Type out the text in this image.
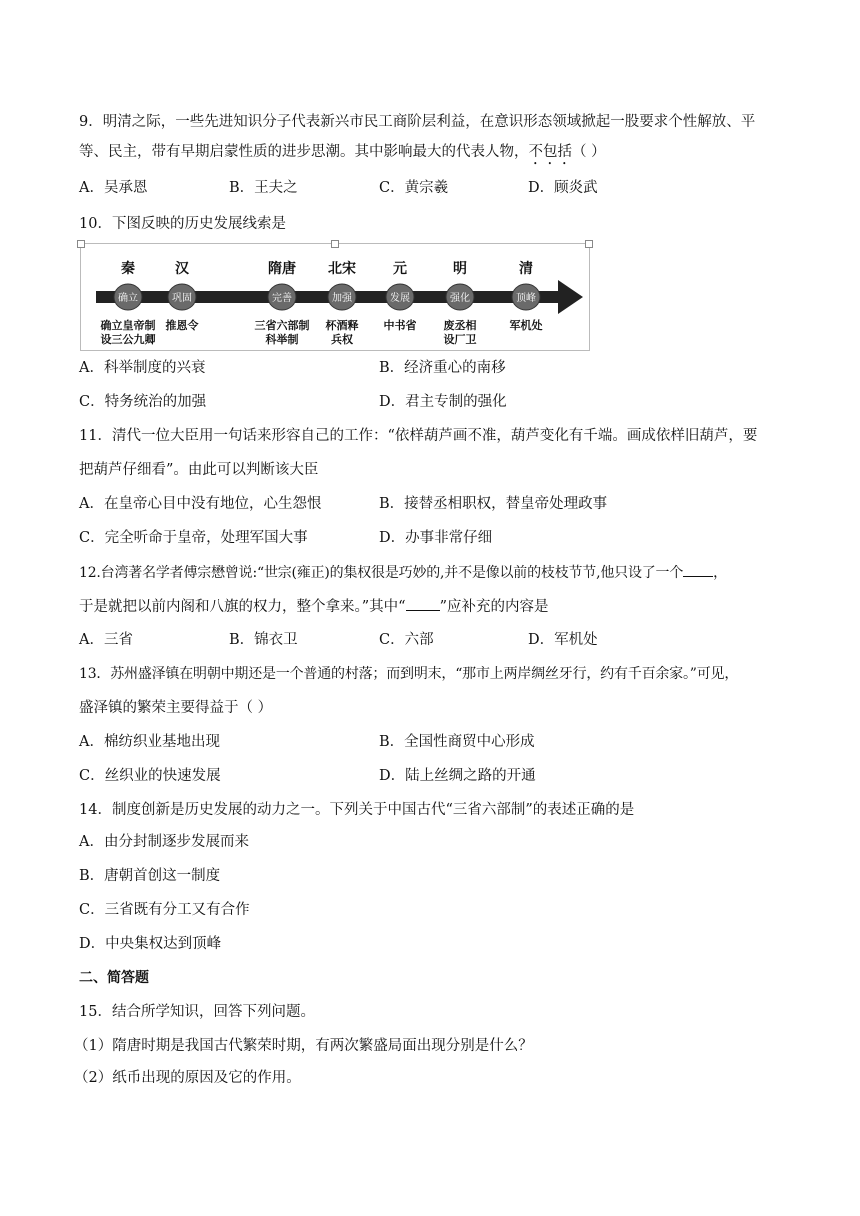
9．明清之际，一些先进知识分子代表新兴市民工商阶层利益，在意识形态领域掀起一股要求个性解放、平
等、民主，带有早期启蒙性质的进步思潮。其中影响最大的代表人物，不包括（ ）
A．吴承恩	B．王夫之	C．黄宗羲	D．顾炎武
10．下图反映的历史发展线索是
秦
确立
确立皇帝制
设三公九卿
汉
巩固
推恩令
隋唐
完善
三省六部制
科举制
北宋
加强
杯酒释
兵权
元
发展
中书省
明
强化
废丞相
设厂卫
清
顶峰
军机处
A．科举制度的兴衰	B．经济重心的南移
C．特务统治的加强	D．君主专制的强化
11．清代一位大臣用一句话来形容自己的工作：“依样葫芦画不准，葫芦变化有千端。画成依样旧葫芦，要
把葫芦仔细看”。由此可以判断该大臣
A．在皇帝心目中没有地位，心生怨恨	B．接替丞相职权，替皇帝处理政事
C．完全听命于皇帝，处理军国大事	D．办事非常仔细
12.台湾著名学者傅宗懋曾说:“世宗(雍正)的集权很是巧妙的,并不是像以前的枝枝节节,他只设了一个 ，
于是就把以前内阁和八旗的权力，整个拿来。”其中“ ”应补充的内容是
A．三省	B．锦衣卫	C．六部	D．军机处
13．苏州盛泽镇在明朝中期还是一个普通的村落；而到明末，“那市上两岸绸丝牙行，约有千百余家。”可见，
盛泽镇的繁荣主要得益于（ ）
A．棉纺织业基地出现	B．全国性商贸中心形成
C．丝织业的快速发展	D．陆上丝绸之路的开通
14．制度创新是历史发展的动力之一。下列关于中国古代“三省六部制”的表述正确的是
A．由分封制逐步发展而来
B．唐朝首创这一制度
C．三省既有分工又有合作
D．中央集权达到顶峰
二、简答题
15．结合所学知识，回答下列问题。
（1）隋唐时期是我国古代繁荣时期，有两次繁盛局面出现分别是什么？
（2）纸币出现的原因及它的作用。
